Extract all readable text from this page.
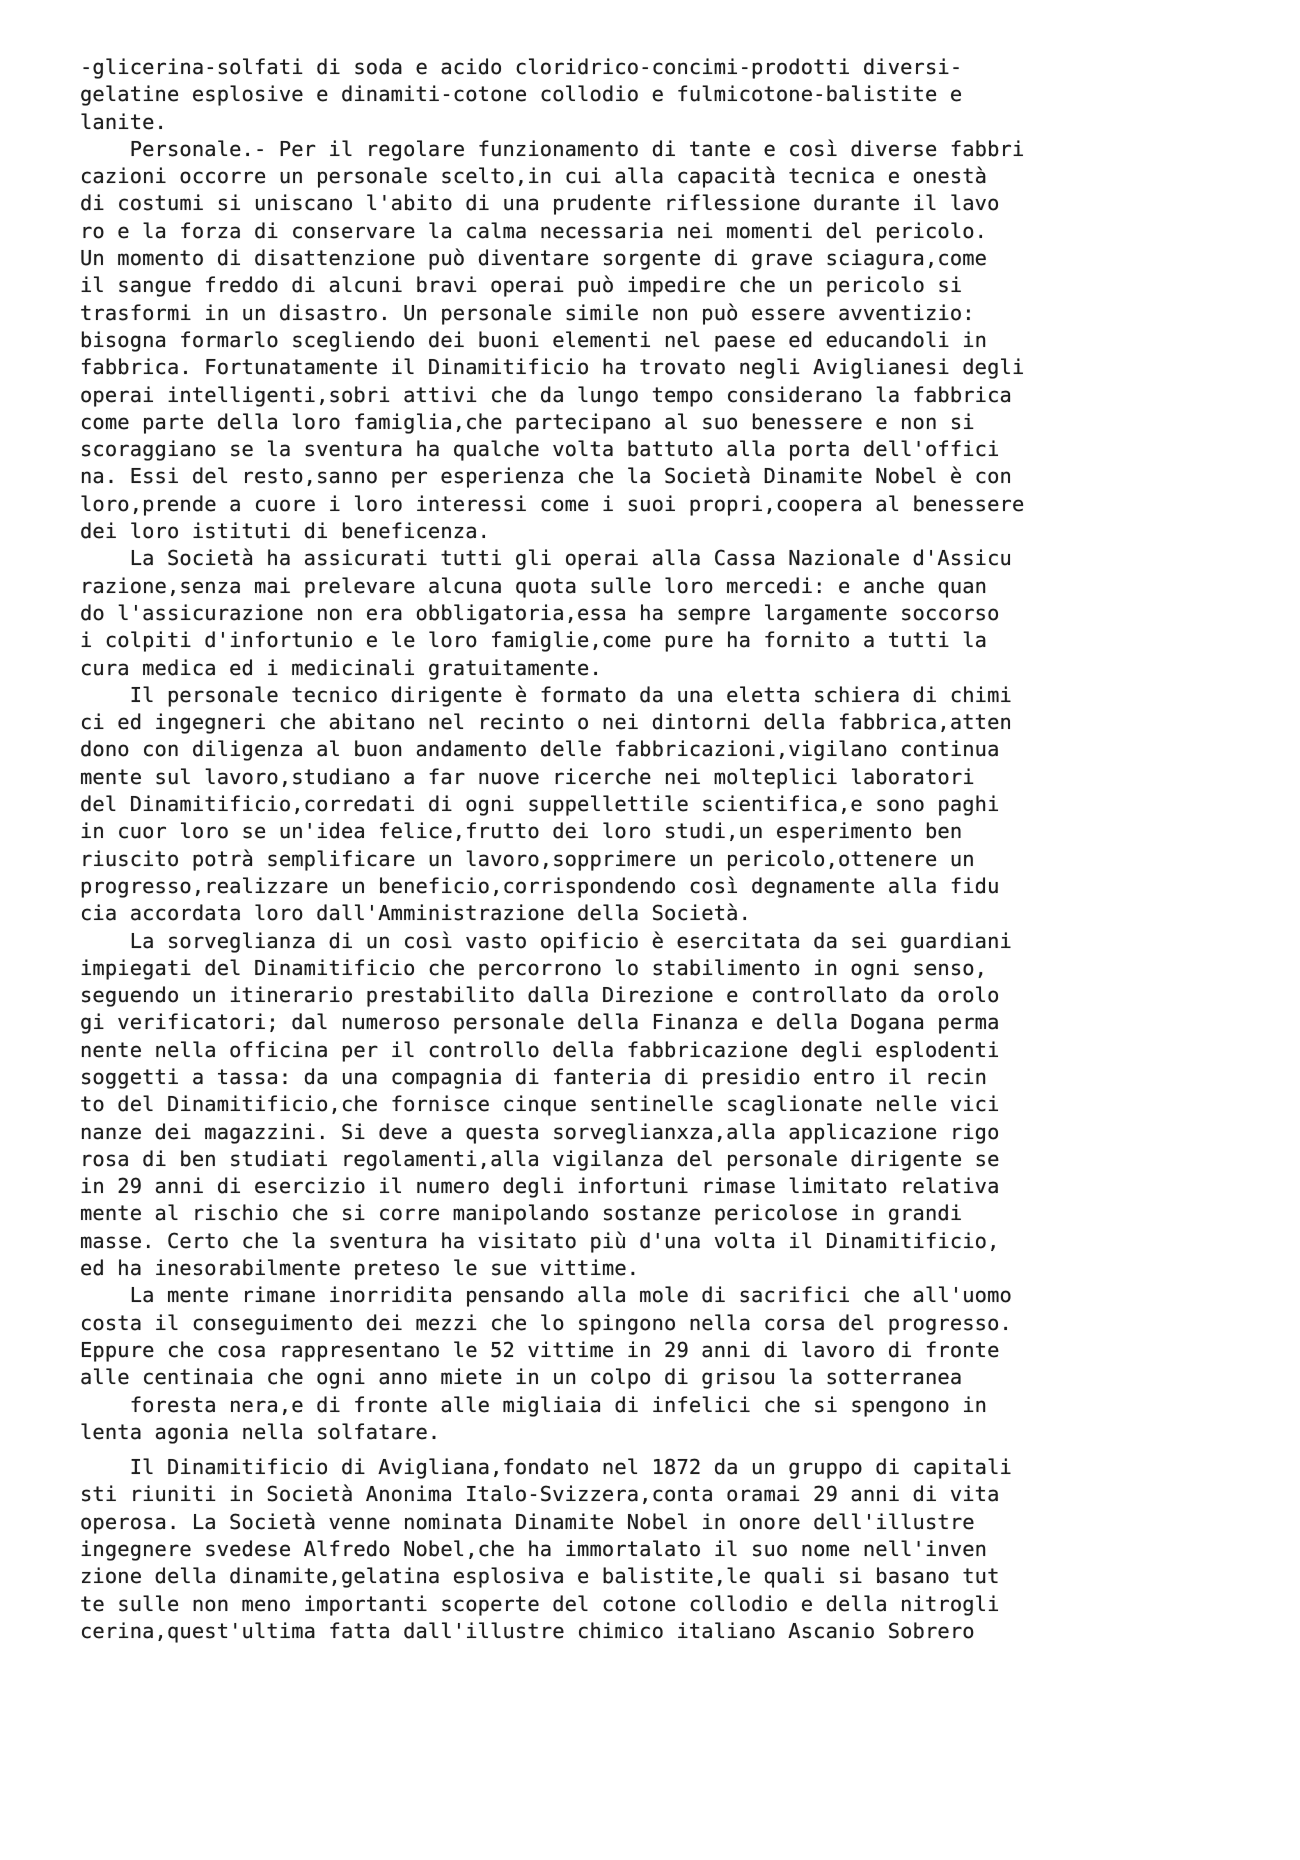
-glicerina-solfati di soda e acido cloridrico-concimi-prodotti diversi-
gelatine esplosive e dinamiti-cotone collodio e fulmicotone-balistite e
lanite.
Personale.- Per il regolare funzionamento di tante e così diverse fabbri
cazioni occorre un personale scelto,in cui alla capacità tecnica e onestà
di costumi si uniscano l'abito di una prudente riflessione durante il lavo
ro e la forza di conservare la calma necessaria nei momenti del pericolo.
Un momento di disattenzione può diventare sorgente di grave sciagura,come
il sangue freddo di alcuni bravi operai può impedire che un pericolo si
trasformi in un disastro. Un personale simile non può essere avventizio:
bisogna formarlo scegliendo dei buoni elementi nel paese ed educandoli in
fabbrica. Fortunatamente il Dinamitificio ha trovato negli Aviglianesi degli
operai intelligenti,sobri attivi che da lungo tempo considerano la fabbrica
come parte della loro famiglia,che partecipano al suo benessere e non si
scoraggiano se la sventura ha qualche volta battuto alla porta dell'offici
na. Essi del resto,sanno per esperienza che la Società Dinamite Nobel è con
loro,prende a cuore i loro interessi come i suoi propri,coopera al benessere
dei loro istituti di beneficenza.
La Società ha assicurati tutti gli operai alla Cassa Nazionale d'Assicu
razione,senza mai prelevare alcuna quota sulle loro mercedi: e anche quan
do l'assicurazione non era obbligatoria,essa ha sempre largamente soccorso
i colpiti d'infortunio e le loro famiglie,come pure ha fornito a tutti la
cura medica ed i medicinali gratuitamente.
Il personale tecnico dirigente è formato da una eletta schiera di chimi
ci ed ingegneri che abitano nel recinto o nei dintorni della fabbrica,atten
dono con diligenza al buon andamento delle fabbricazioni,vigilano continua
mente sul lavoro,studiano a far nuove ricerche nei molteplici laboratori
del Dinamitificio,corredati di ogni suppellettile scientifica,e sono paghi
in cuor loro se un'idea felice,frutto dei loro studi,un esperimento ben
riuscito potrà semplificare un lavoro,sopprimere un pericolo,ottenere un
progresso,realizzare un beneficio,corrispondendo così degnamente alla fidu
cia accordata loro dall'Amministrazione della Società.
La sorveglianza di un così vasto opificio è esercitata da sei guardiani
impiegati del Dinamitificio che percorrono lo stabilimento in ogni senso,
seguendo un itinerario prestabilito dalla Direzione e controllato da orolo
gi verificatori; dal numeroso personale della Finanza e della Dogana perma
nente nella officina per il controllo della fabbricazione degli esplodenti
soggetti a tassa: da una compagnia di fanteria di presidio entro il recin
to del Dinamitificio,che fornisce cinque sentinelle scaglionate nelle vici
nanze dei magazzini. Si deve a questa sorveglianxza,alla applicazione rigo
rosa di ben studiati regolamenti,alla vigilanza del personale dirigente se
in 29 anni di esercizio il numero degli infortuni rimase limitato relativa
mente al rischio che si corre manipolando sostanze pericolose in grandi
masse. Certo che la sventura ha visitato più d'una volta il Dinamitificio,
ed ha inesorabilmente preteso le sue vittime.
La mente rimane inorridita pensando alla mole di sacrifici che all'uomo
costa il conseguimento dei mezzi che lo spingono nella corsa del progresso.
Eppure che cosa rappresentano le 52 vittime in 29 anni di lavoro di fronte
alle centinaia che ogni anno miete in un colpo di grisou la sotterranea
foresta nera,e di fronte alle migliaia di infelici che si spengono in
lenta agonia nella solfatare.
Il Dinamitificio di Avigliana,fondato nel 1872 da un gruppo di capitali
sti riuniti in Società Anonima Italo-Svizzera,conta oramai 29 anni di vita
operosa. La Società venne nominata Dinamite Nobel in onore dell'illustre
ingegnere svedese Alfredo Nobel,che ha immortalato il suo nome nell'inven
zione della dinamite,gelatina esplosiva e balistite,le quali si basano tut
te sulle non meno importanti scoperte del cotone collodio e della nitrogli
cerina,quest'ultima fatta dall'illustre chimico italiano Ascanio Sobrero
